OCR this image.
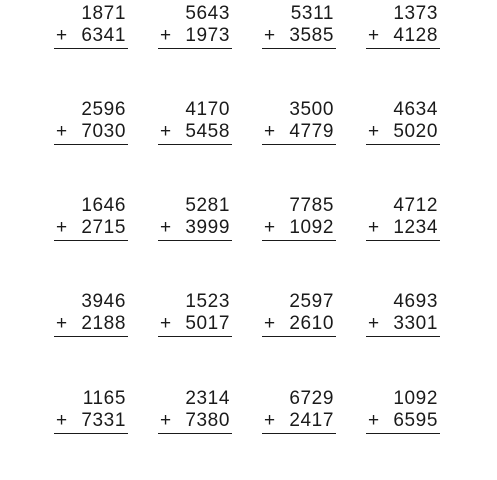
1871
+ 6341
5643
+ 1973
5311
+ 3585
1373
+ 4128
2596
+ 7030
4170
+ 5458
3500
+ 4779
4634
+ 5020
1646
+ 2715
5281
+ 3999
7785
+ 1092
4712
+ 1234
3946
+ 2188
1523
+ 5017
2597
+ 2610
4693
+ 3301
1165
+ 7331
2314
+ 7380
6729
+ 2417
1092
+ 6595
